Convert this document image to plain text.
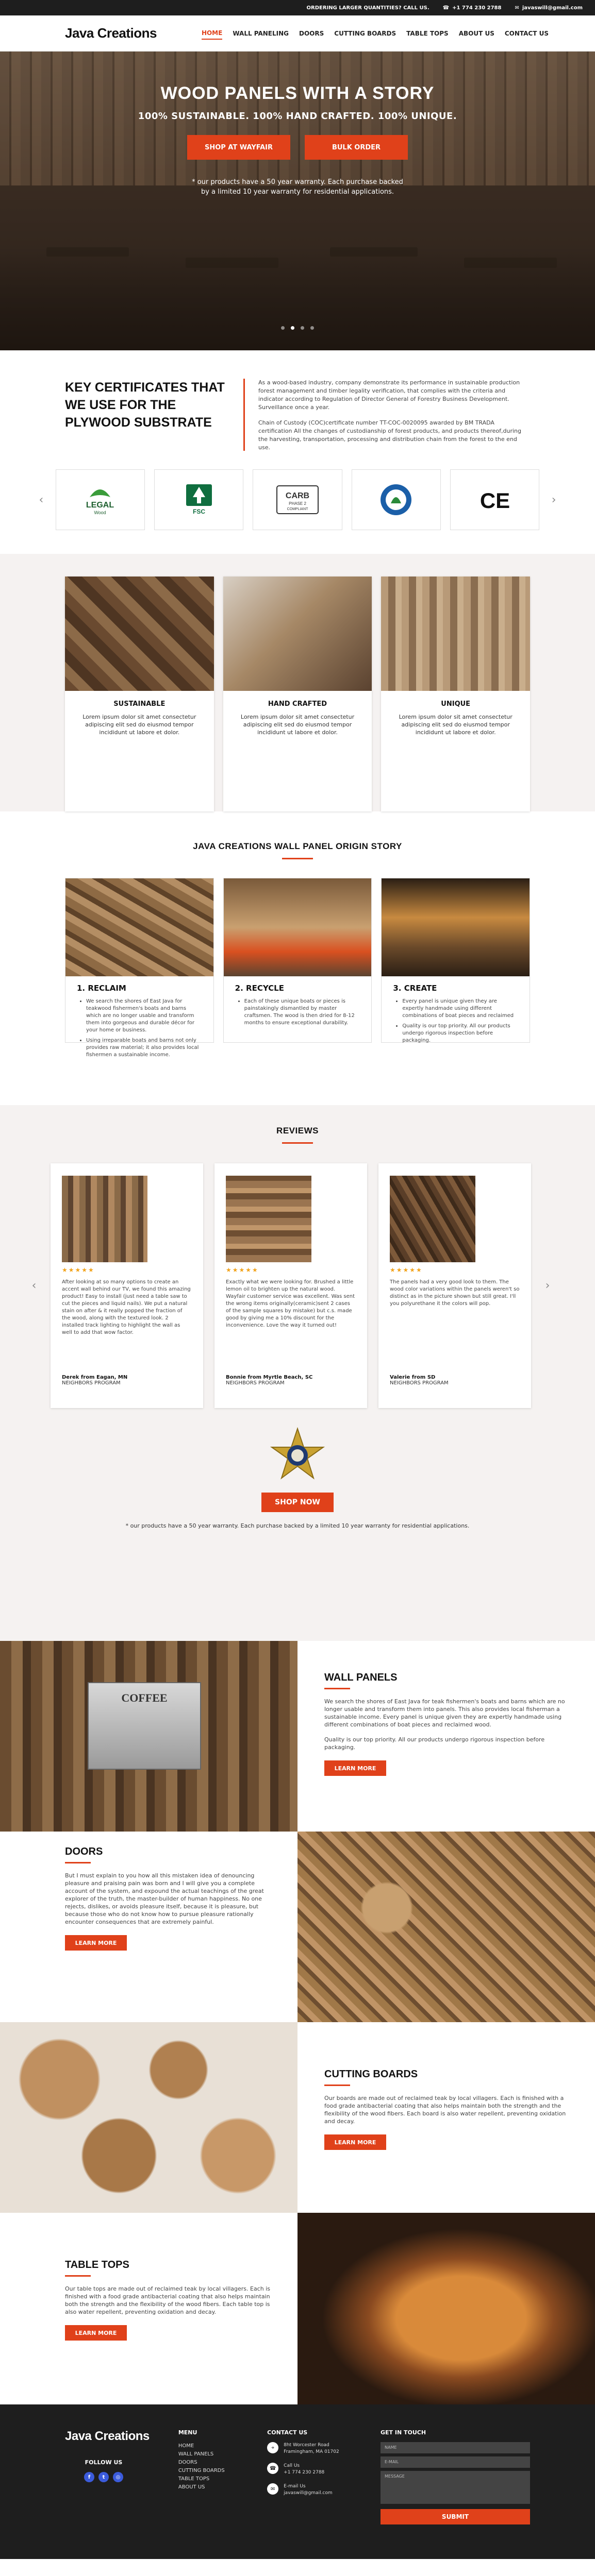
ORDERING LARGER QUANTITIES? CALL US.	☎ +1 774 230 2788	✉ javaswill@gmail.com
Java Creations	HOME WALL PANELING DOORS CUTTING BOARDS TABLE TOPS ABOUT US CONTACT US
WOOD PANELS WITH A STORY
100% SUSTAINABLE. 100% HAND CRAFTED. 100% UNIQUE.
SHOP AT WAYFAIR	BULK ORDER
* our products have a 50 year warranty. Each purchase backed
by a limited 10 year warranty for residential applications.
KEY CERTIFICATES THAT WE USE FOR THE PLYWOOD SUBSTRATE

As a wood-based industry, company demonstrate its performance in sustainable production forest management and timber legality verification, that complies with the criteria and indicator according to Regulation of Director General of Forestry Business Development. Surveillance once a year.

Chain of Custody (COC)certificate number TT-COC-0020095 awarded by BM TRADA certification All the changes of custodianship of forest products, and products thereof,during the harvesting, transportation, processing and distribution chain from the forest to the end use.

‹	LEGAL
Wood	FSC
CARB
PHASE 2
COMPLIANT	CE	›
SUSTAINABLE

Lorem ipsum dolor sit amet consectetur adipiscing elit sed do eiusmod tempor incididunt ut labore et dolor.

HAND CRAFTED

Lorem ipsum dolor sit amet consectetur adipiscing elit sed do eiusmod tempor incididunt ut labore et dolor.

UNIQUE

Lorem ipsum dolor sit amet consectetur adipiscing elit sed do eiusmod tempor incididunt ut labore et dolor.

JAVA CREATIONS WALL PANEL ORIGIN STORY
1. RECLAIM
• We search the shores of East Java for teakwood fishermen's boats and barns which are no longer usable and transform them into gorgeous and durable décor for your home or business.
• Using irreparable boats and barns not only provides raw material; it also provides local fishermen a sustainable income.
2. RECYCLE
• Each of these unique boats or pieces is painstakingly dismantled by master craftsmen. The wood is then dried for 8-12 months to ensure exceptional durability.
3. CREATE
• Every panel is unique given they are expertly handmade using different combinations of boat pieces and reclaimed
• Quality is our top priority. All our products undergo rigorous inspection before packaging.
REVIEWS
‹
★★★★★

After looking at so many options to create an accent wall behind our TV, we found this amazing product! Easy to install (just need a table saw to cut the pieces and liquid nails). We put a natural stain on after & it really popped the fraction of the wood, along with the textured look. 2 installed track lighting to highlight the wall as well to add that wow factor.

Derek from Eagan, MN
NEIGHBORS PROGRAM
★★★★★

Exactly what we were looking for. Brushed a little lemon oil to brighten up the natural wood. Wayfair customer service was excellent. Was sent the wrong items originally(ceramic)sent 2 cases of the sample squares by mistake) but c.s. made good by giving me a 10% discount for the inconvenience. Love the way it turned out!

Bonnie from Myrtle Beach, SC
NEIGHBORS PROGRAM
★★★★★

The panels had a very good look to them. The wood color variations within the panels weren't so distinct as in the picture shown but still great. I'll you polyurethane it the colors will pop.

Valerie from SD
NEIGHBORS PROGRAM
›
SHOP NOW
* our products have a 50 year warranty. Each purchase backed by a limited 10 year warranty for residential applications.
COFFEE
WALL PANELS

We search the shores of East Java for teak fishermen's boats and barns which are no longer usable and transform them into panels. This also provides local fisherman a sustainable income. Every panel is unique given they are expertly handmade using different combinations of boat pieces and reclaimed wood.

Quality is our top priority. All our products undergo rigorous inspection before packaging.

LEARN MORE
DOORS

But I must explain to you how all this mistaken idea of denouncing pleasure and praising pain was born and I will give you a complete account of the system, and expound the actual teachings of the great explorer of the truth, the master-builder of human happiness. No one rejects, dislikes, or avoids pleasure itself, because it is pleasure, but because those who do not know how to pursue pleasure rationally encounter consequences that are extremely painful.

LEARN MORE
CUTTING BOARDS

Our boards are made out of reclaimed teak by local villagers. Each is finished with a food grade antibacterial coating that also helps maintain both the strength and the flexibility of the wood fibers. Each board is also water repellent, preventing oxidation and decay.

LEARN MORE
TABLE TOPS

Our table tops are made out of reclaimed teak by local villagers. Each is finished with a food grade antibacterial coating that also helps maintain both the strength and the flexibility of the wood fibers. Each table top is also water repellent, preventing oxidation and decay.

LEARN MORE
Java Creations
FOLLOW US
f	t	◎
MENU
HOME
WALL PANELS
DOORS
CUTTING BOARDS
TABLE TOPS
ABOUT US
CONTACT US
⌖	8ht Worcester Road
Framingham, MA 01702
☎	Call Us
+1 774 230 2788
✉	E-mail Us
javaswill@gmail.com
GET IN TOUCH
NAME
E-MAIL
MESSAGE
SUBMIT
